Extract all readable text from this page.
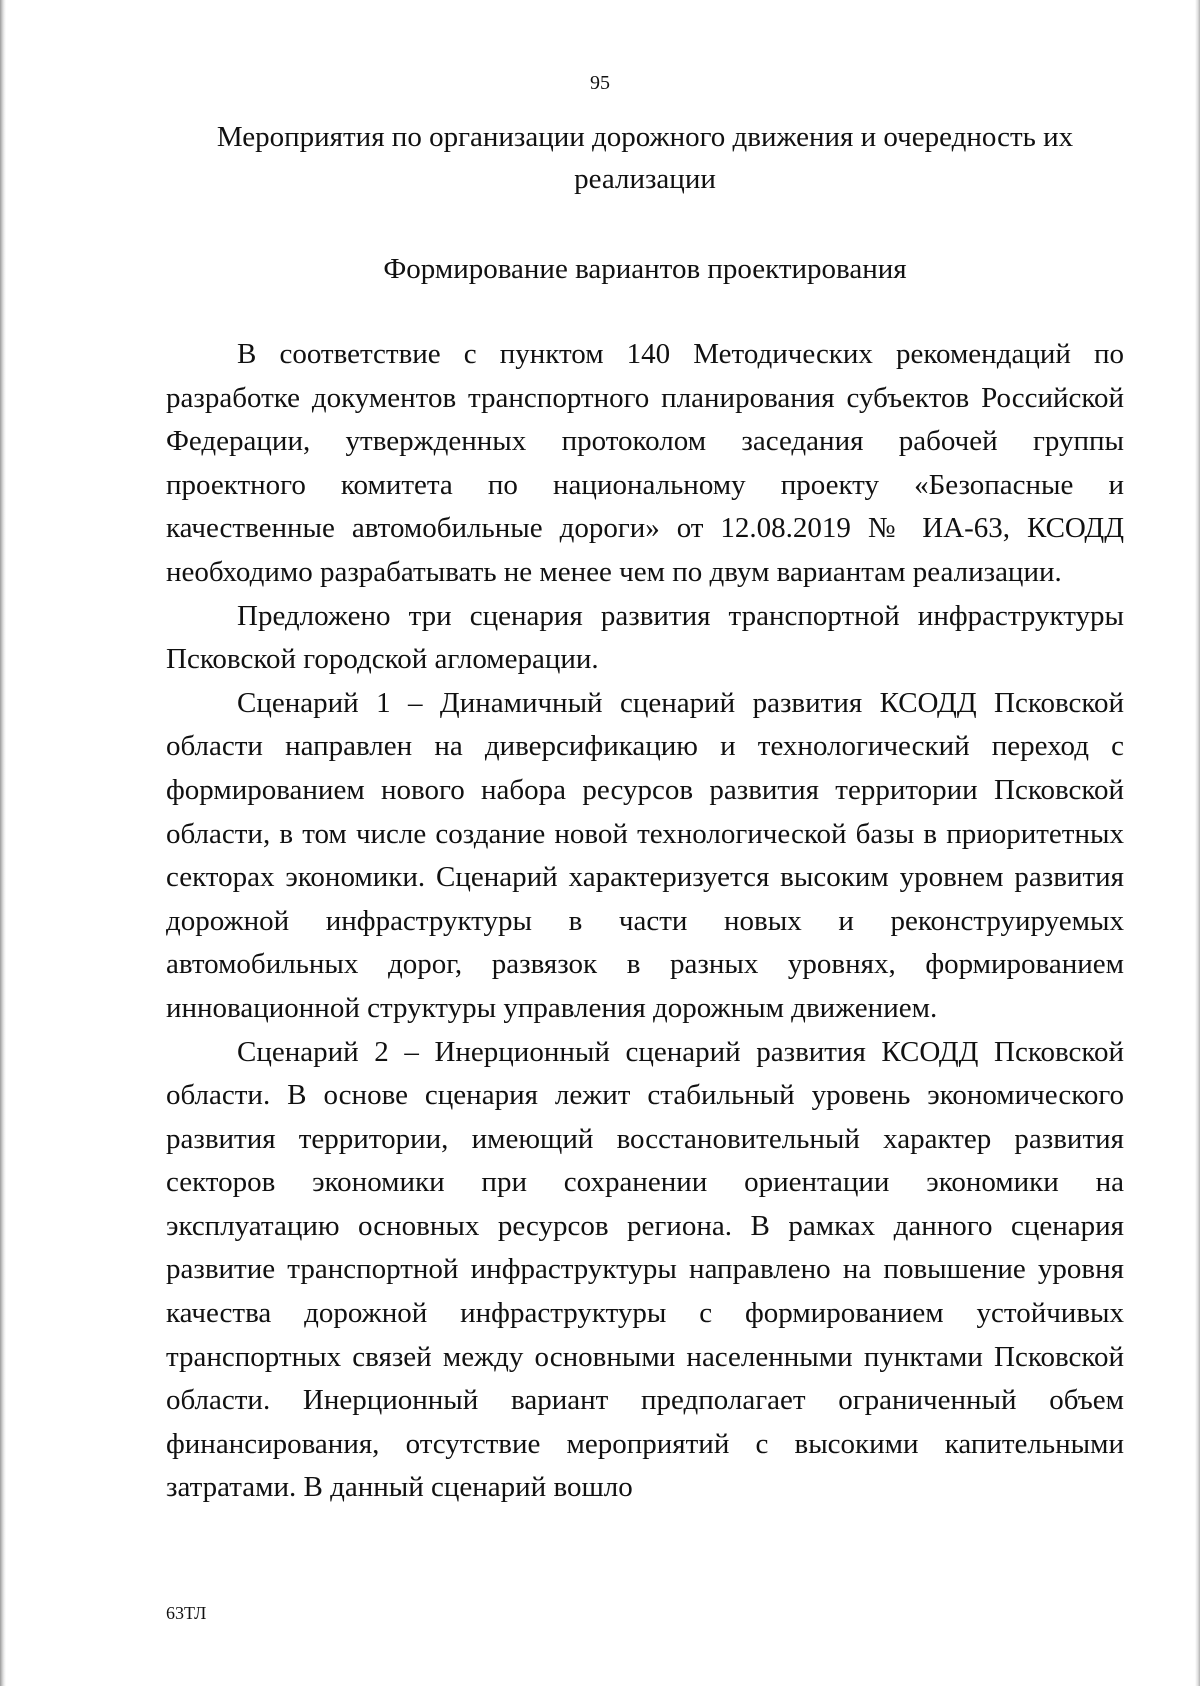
95
Мероприятия по организации дорожного движения и очередность их реализации
Формирование вариантов проектирования

В соответствие с пунктом 140 Методических рекомендаций по разработке документов транспортного планирования субъектов Российской Федерации, утвержденных протоколом заседания рабочей группы проектного комитета по национальному проекту «Безопасные и качественные автомобильные дороги» от 12.08.2019 № ИА-63, КСОДД необходимо разрабатывать не менее чем по двум вариантам реализации.

Предложено три сценария развития транспортной инфраструктуры Псковской городской агломерации.

Сценарий 1 – Динамичный сценарий развития КСОДД Псковской области направлен на диверсификацию и технологический переход с формированием нового набора ресурсов развития территории Псковской области, в том числе создание новой технологической базы в приоритетных секторах экономики. Сценарий характеризуется высоким уровнем развития дорожной инфраструктуры в части новых и реконструируемых автомобильных дорог, развязок в разных уровнях, формированием инновационной структуры управления дорожным движением.

Сценарий 2 – Инерционный сценарий развития КСОДД Псковской области. В основе сценария лежит стабильный уровень экономического развития территории, имеющий восстановительный характер развития секторов экономики при сохранении ориентации экономики на эксплуатацию основных ресурсов региона. В рамках данного сценария развитие транспортной инфраструктуры направлено на повышение уровня качества дорожной инфраструктуры с формированием устойчивых транспортных связей между основными населенными пунктами Псковской области. Инерционный вариант предполагает ограниченный объем финансирования, отсутствие мероприятий с высокими капительными затратами. В данный сценарий вошло

63ТЛ
